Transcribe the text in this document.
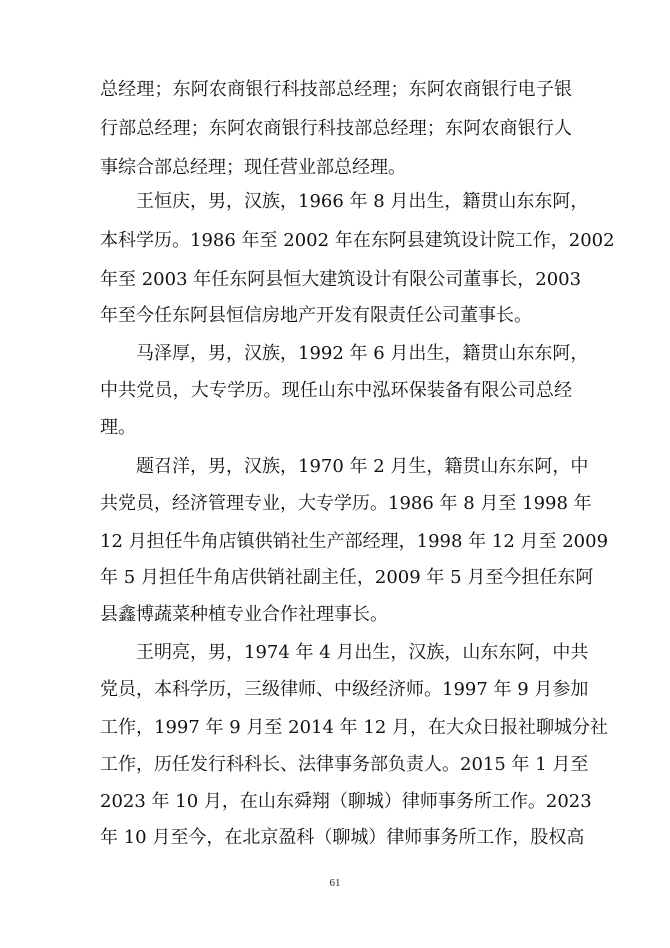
总经理；东阿农商银行科技部总经理；东阿农商银行电子银
行部总经理；东阿农商银行科技部总经理；东阿农商银行人
事综合部总经理；现任营业部总经理。
　　王恒庆，男，汉族，1966 年 8 月出生，籍贯山东东阿，
本科学历。1986 年至 2002 年在东阿县建筑设计院工作，2002
年至 2003 年任东阿县恒大建筑设计有限公司董事长，2003
年至今任东阿县恒信房地产开发有限责任公司董事长。
　　马泽厚，男，汉族，1992 年 6 月出生，籍贯山东东阿，
中共党员，大专学历。现任山东中泓环保装备有限公司总经
理。
　　题召洋，男，汉族，1970 年 2 月生，籍贯山东东阿，中
共党员，经济管理专业，大专学历。1986 年 8 月至 1998 年
12 月担任牛角店镇供销社生产部经理，1998 年 12 月至 2009
年 5 月担任牛角店供销社副主任，2009 年 5 月至今担任东阿
县鑫博蔬菜种植专业合作社理事长。
　　王明亮，男，1974 年 4 月出生，汉族，山东东阿，中共
党员，本科学历，三级律师、中级经济师。1997 年 9 月参加
工作，1997 年 9 月至 2014 年 12 月，在大众日报社聊城分社
工作，历任发行科科长、法律事务部负责人。2015 年 1 月至
2023 年 10 月，在山东舜翔（聊城）律师事务所工作。2023
年 10 月至今，在北京盈科（聊城）律师事务所工作，股权高
61
